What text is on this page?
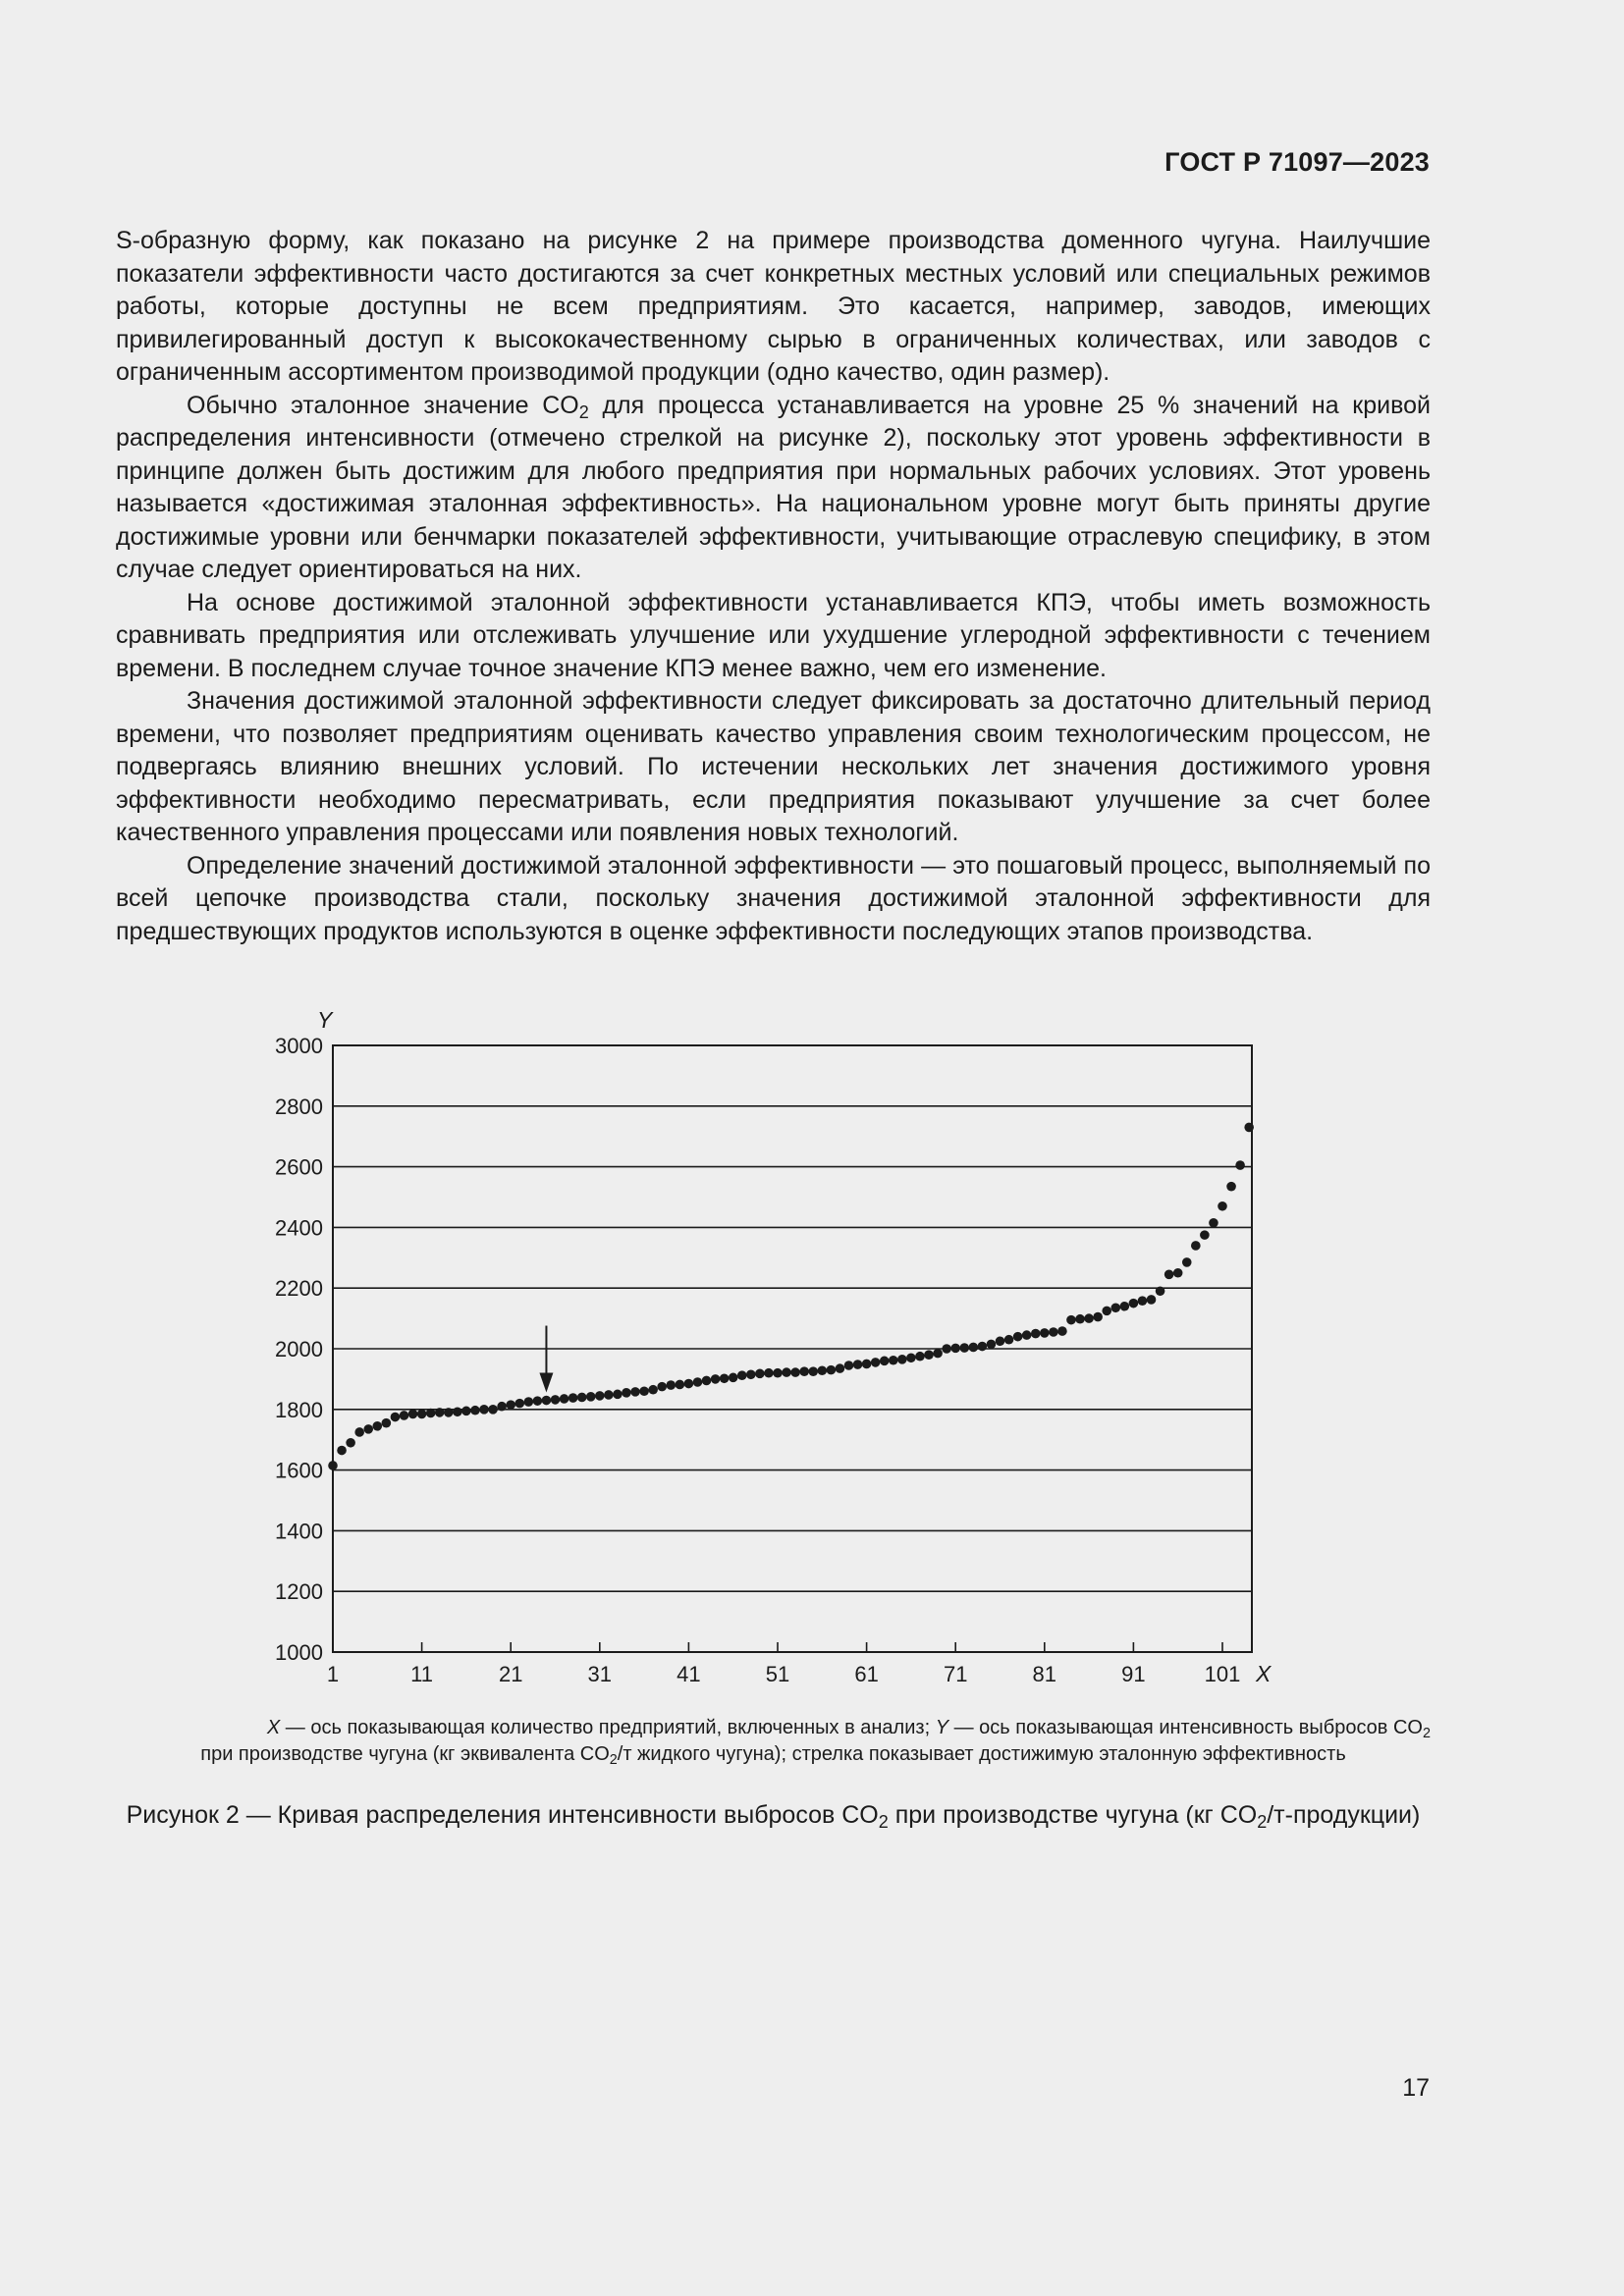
ГОСТ Р 71097—2023

S-образную форму, как показано на рисунке 2 на примере производства доменного чугуна. Наилучшие показатели эффективности часто достигаются за счет конкретных местных условий или специальных режимов работы, которые доступны не всем предприятиям. Это касается, например, заводов, имеющих привилегированный доступ к высококачественному сырью в ограниченных количествах, или заводов с ограниченным ассортиментом производимой продукции (одно качество, один размер).

Обычно эталонное значение $CO_2$ для процесса устанавливается на уровне 25 % значений на кривой распределения интенсивности (отмечено стрелкой на рисунке 2), поскольку этот уровень эффективности в принципе должен быть достижим для любого предприятия при нормальных рабочих условиях. Этот уровень называется «достижимая эталонная эффективность». На национальном уровне могут быть приняты другие достижимые уровни или бенчмарки показателей эффективности, учитывающие отраслевую специфику, в этом случае следует ориентироваться на них.

На основе достижимой эталонной эффективности устанавливается КПЭ, чтобы иметь возможность сравнивать предприятия или отслеживать улучшение или ухудшение углеродной эффективности с течением времени. В последнем случае точное значение КПЭ менее важно, чем его изменение.

Значения достижимой эталонной эффективности следует фиксировать за достаточно длительный период времени, что позволяет предприятиям оценивать качество управления своим технологическим процессом, не подвергаясь влиянию внешних условий. По истечении нескольких лет значения достижимого уровня эффективности необходимо пересматривать, если предприятия показывают улучшение за счет более качественного управления процессами или появления новых технологий.

Определение значений достижимой эталонной эффективности — это пошаговый процесс, выполняемый по всей цепочке производства стали, поскольку значения достижимой эталонной эффективности для предшествующих продуктов используются в оценке эффективности последующих этапов производства.

1000
1200
1400
1600
1800
2000
2200
2400
2600
2800
3000
1	11	21	31	41	51	61	71	81	91	101
Y
X
X — ось показывающая количество предприятий, включенных в анализ; Y — ось показывающая интенсивность выбросов $CO_2$
при производстве чугуна (кг эквивалента $CO_2/т$ жидкого чугуна); стрелка показывает достижимую эталонную эффективность
Рисунок 2 — Кривая распределения интенсивности выбросов $CO_2$ при производстве чугуна (кг $CO_2/т-продукции$)
17
